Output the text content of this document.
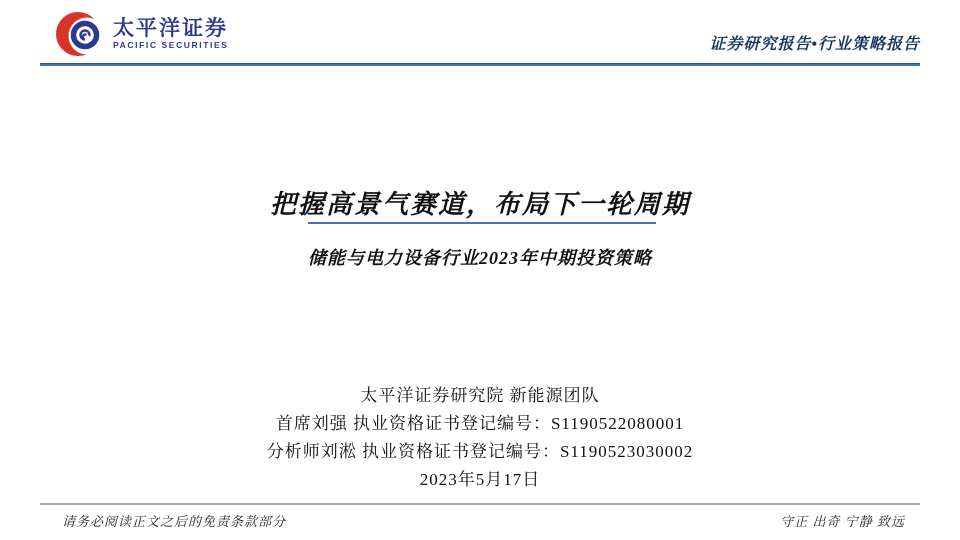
太平洋证券
PACIFIC SECURITIES	证券研究报告•行业策略报告
把握高景气赛道，布局下一轮周期
储能与电力设备行业2023年中期投资策略
太平洋证券研究院 新能源团队
首席刘强 执业资格证书登记编号：S1190522080001
分析师刘淞 执业资格证书登记编号：S1190523030002
2023年5月17日
请务必阅读正文之后的免责条款部分	守正 出奇 宁静 致远
